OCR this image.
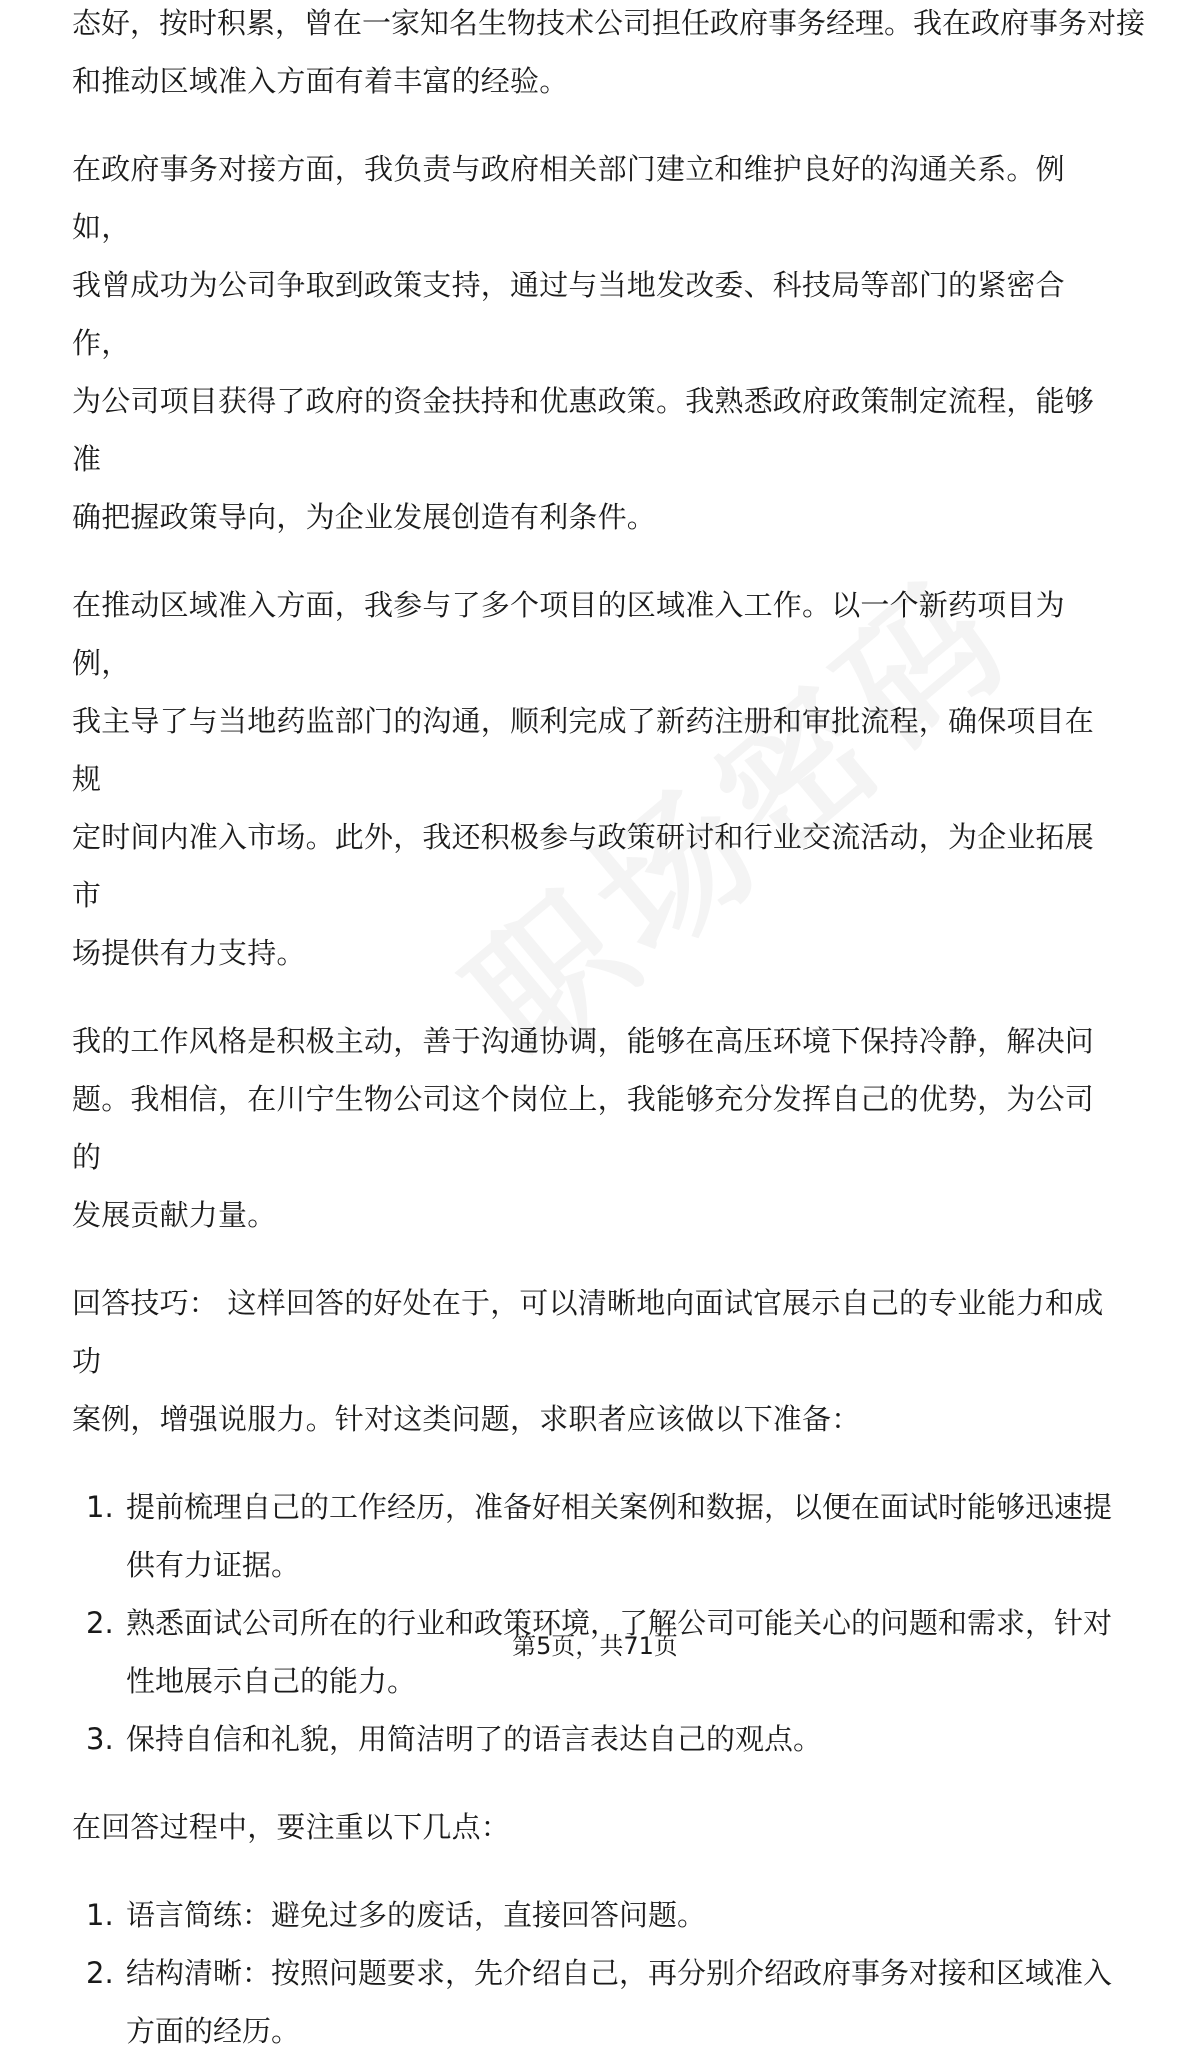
态好，按时积累，曾在一家知名生物技术公司担任政府事务经理。我在政府事务对接

和推动区域准入方面有着丰富的经验。

在政府事务对接方面，我负责与政府相关部门建立和维护良好的沟通关系。例如，
我曾成功为公司争取到政策支持，通过与当地发改委、科技局等部门的紧密合作，
为公司项目获得了政府的资金扶持和优惠政策。我熟悉政府政策制定流程，能够准
确把握政策导向，为企业发展创造有利条件。

在推动区域准入方面，我参与了多个项目的区域准入工作。以一个新药项目为例，
我主导了与当地药监部门的沟通，顺利完成了新药注册和审批流程，确保项目在规
定时间内准入市场。此外，我还积极参与政策研讨和行业交流活动，为企业拓展市
场提供有力支持。

我的工作风格是积极主动，善于沟通协调，能够在高压环境下保持冷静，解决问
题。我相信，在川宁生物公司这个岗位上，我能够充分发挥自己的优势，为公司的
发展贡献力量。

回答技巧： 这样回答的好处在于，可以清晰地向面试官展示自己的专业能力和成功
案例，增强说服力。针对这类问题，求职者应该做以下准备：

1. 提前梳理自己的工作经历，准备好相关案例和数据，以便在面试时能够迅速提
供有力证据。
2. 熟悉面试公司所在的行业和政策环境，了解公司可能关心的问题和需求，针对
性地展示自己的能力。
3. 保持自信和礼貌，用简洁明了的语言表达自己的观点。

在回答过程中，要注重以下几点：

1. 语言简练：避免过多的废话，直接回答问题。
2. 结构清晰：按照问题要求，先介绍自己，再分别介绍政府事务对接和区域准入
方面的经历。
第5页，共71页
